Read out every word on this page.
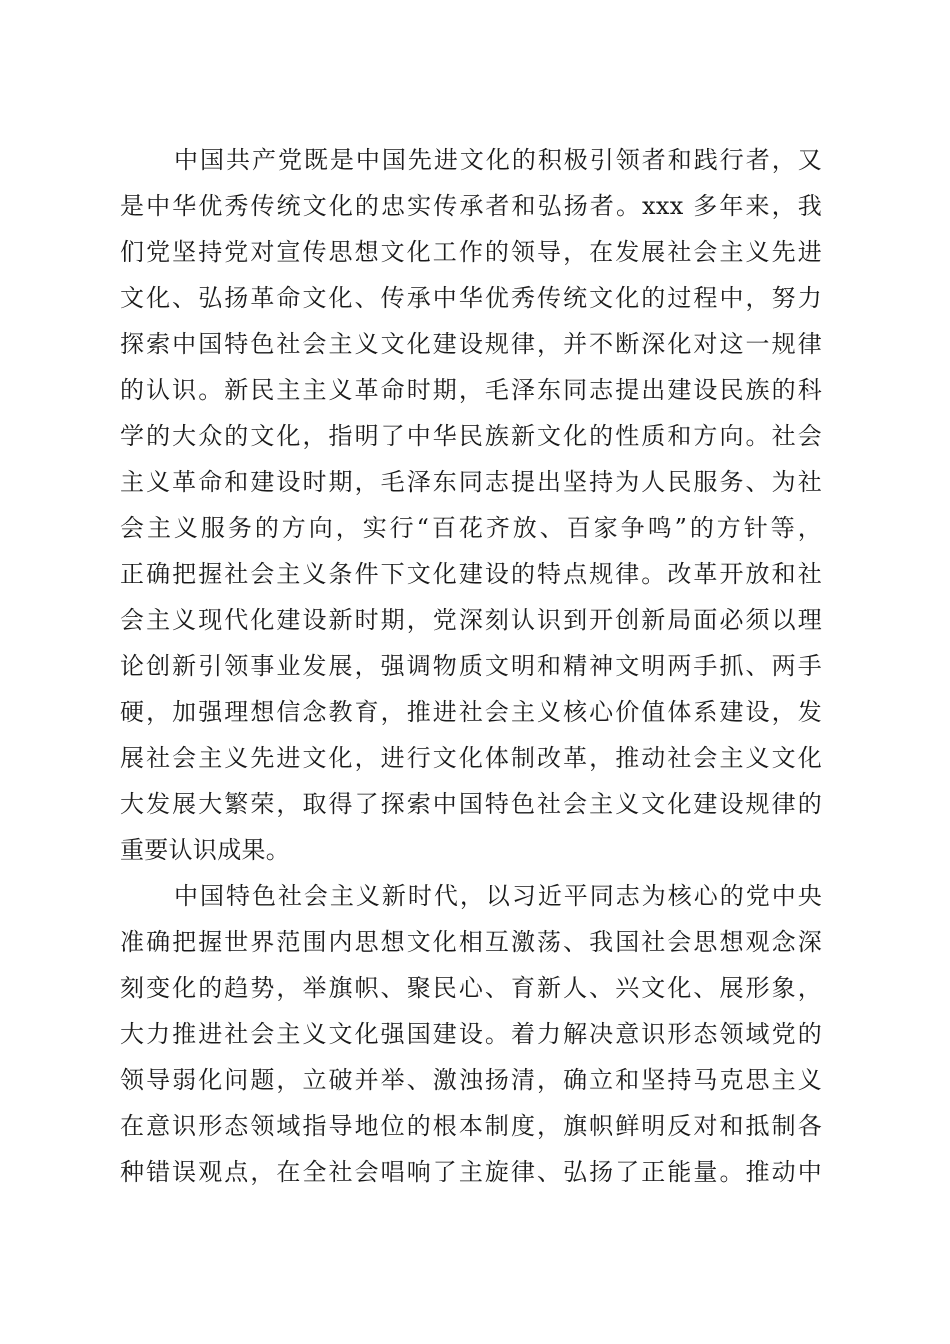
中国共产党既是中国先进文化的积极引领者和践行者，又
是中华优秀传统文化的忠实传承者和弘扬者。xxx 多年来，我
们党坚持党对宣传思想文化工作的领导，在发展社会主义先进
文化、弘扬革命文化、传承中华优秀传统文化的过程中，努力
探索中国特色社会主义文化建设规律，并不断深化对这一规律
的认识。新民主主义革命时期，毛泽东同志提出建设民族的科
学的大众的文化，指明了中华民族新文化的性质和方向。社会
主义革命和建设时期，毛泽东同志提出坚持为人民服务、为社
会主义服务的方向，实行“百花齐放、百家争鸣”的方针等，
正确把握社会主义条件下文化建设的特点规律。改革开放和社
会主义现代化建设新时期，党深刻认识到开创新局面必须以理
论创新引领事业发展，强调物质文明和精神文明两手抓、两手
硬，加强理想信念教育，推进社会主义核心价值体系建设，发
展社会主义先进文化，进行文化体制改革，推动社会主义文化
大发展大繁荣，取得了探索中国特色社会主义文化建设规律的
重要认识成果。
中国特色社会主义新时代，以习近平同志为核心的党中央
准确把握世界范围内思想文化相互激荡、我国社会思想观念深
刻变化的趋势，举旗帜、聚民心、育新人、兴文化、展形象，
大力推进社会主义文化强国建设。着力解决意识形态领域党的
领导弱化问题，立破并举、激浊扬清，确立和坚持马克思主义
在意识形态领域指导地位的根本制度，旗帜鲜明反对和抵制各
种错误观点，在全社会唱响了主旋律、弘扬了正能量。推动中
